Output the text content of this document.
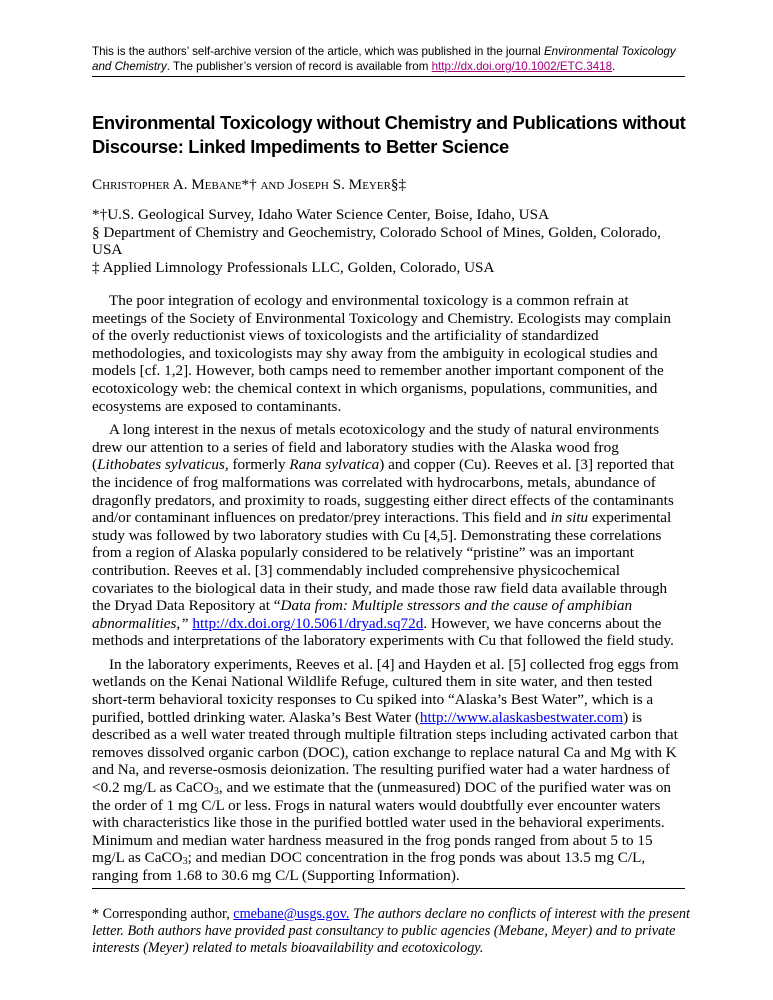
This is the authors’ self-archive version of the article, which was published in the journal Environmental Toxicology and Chemistry. The publisher’s version of record is available from http://dx.doi.org/10.1002/ETC.3418.
Environmental Toxicology without Chemistry and Publications without Discourse: Linked Impediments to Better Science
Christopher A. Mebane*† and Joseph S. Meyer§‡
*†U.S. Geological Survey, Idaho Water Science Center, Boise, Idaho, USA
§ Department of Chemistry and Geochemistry, Colorado School of Mines, Golden, Colorado, USA
‡ Applied Limnology Professionals LLC, Golden, Colorado, USA

The poor integration of ecology and environmental toxicology is a common refrain at meetings of the Society of Environmental Toxicology and Chemistry. Ecologists may complain of the overly reductionist views of toxicologists and the artificiality of standardized methodologies, and toxicologists may shy away from the ambiguity in ecological studies and models [cf. 1,2]. However, both camps need to remember another important component of the ecotoxicology web: the chemical context in which organisms, populations, communities, and ecosystems are exposed to contaminants.

A long interest in the nexus of metals ecotoxicology and the study of natural environments drew our attention to a series of field and laboratory studies with the Alaska wood frog (Lithobates sylvaticus, formerly Rana sylvatica) and copper (Cu). Reeves et al. [3] reported that the incidence of frog malformations was correlated with hydrocarbons, metals, abundance of dragonfly predators, and proximity to roads, suggesting either direct effects of the contaminants and/or contaminant influences on predator/prey interactions. This field and in situ experimental study was followed by two laboratory studies with Cu [4,5]. Demonstrating these correlations from a region of Alaska popularly considered to be relatively “pristine” was an important contribution. Reeves et al. [3] commendably included comprehensive physicochemical covariates to the biological data in their study, and made those raw field data available through the Dryad Data Repository at “Data from: Multiple stressors and the cause of amphibian abnormalities,” http://dx.doi.org/10.5061/dryad.sq72d. However, we have concerns about the methods and interpretations of the laboratory experiments with Cu that followed the field study.

In the laboratory experiments, Reeves et al. [4] and Hayden et al. [5] collected frog eggs from wetlands on the Kenai National Wildlife Refuge, cultured them in site water, and then tested short-term behavioral toxicity responses to Cu spiked into “Alaska’s Best Water”, which is a purified, bottled drinking water. Alaska’s Best Water (http://www.alaskasbestwater.com) is described as a well water treated through multiple filtration steps including activated carbon that removes dissolved organic carbon (DOC), cation exchange to replace natural Ca and Mg with K and Na, and reverse-osmosis deionization. The resulting purified water had a water hardness of <0.2 mg/L as CaCO$_3$, and we estimate that the (unmeasured) DOC of the purified water was on the order of 1 mg C/L or less. Frogs in natural waters would doubtfully ever encounter waters with characteristics like those in the purified bottled water used in the behavioral experiments. Minimum and median water hardness measured in the frog ponds ranged from about 5 to 15 mg/L as CaCO$_3$; and median DOC concentration in the frog ponds was about 13.5 mg C/L, ranging from 1.68 to 30.6 mg C/L (Supporting Information).

* Corresponding author, cmebane@usgs.gov. The authors declare no conflicts of interest with the present letter. Both authors have provided past consultancy to public agencies (Mebane, Meyer) and to private interests (Meyer) related to metals bioavailability and ecotoxicology.
